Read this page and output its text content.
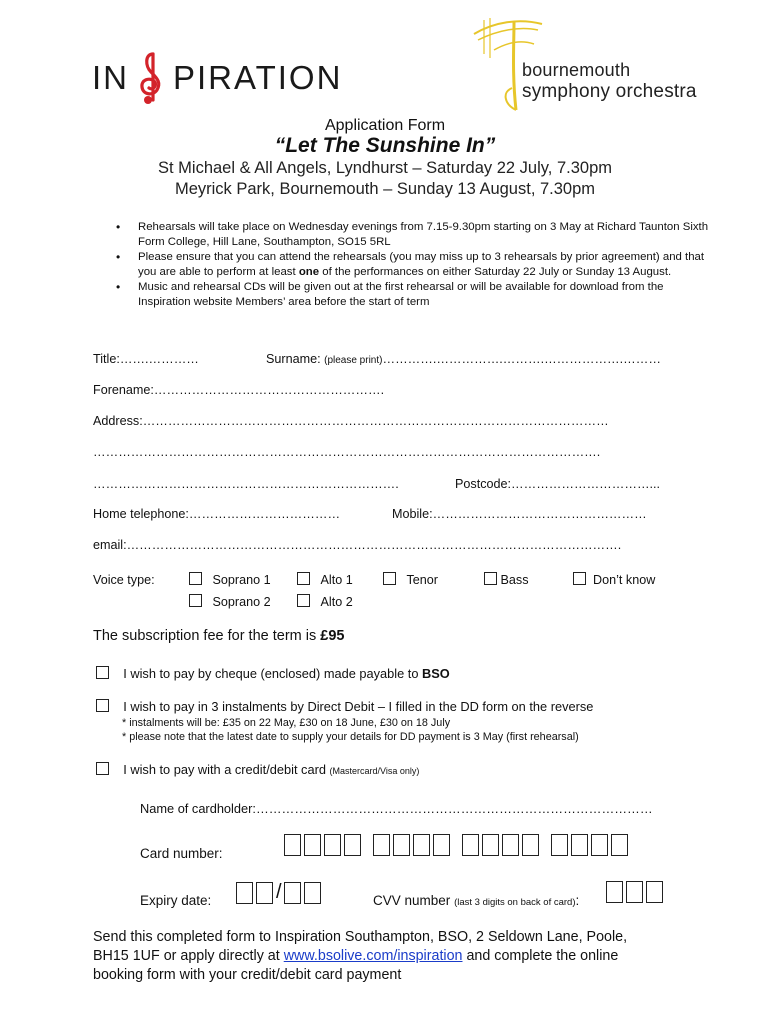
IN PIRATION	bournemouth
symphony orchestra
Application Form
“Let The Sunshine In”
St Michael & All Angels, Lyndhurst – Saturday 22 July, 7.30pm
Meyrick Park, Bournemouth – Sunday 13 August, 7.30pm
• Rehearsals will take place on Wednesday evenings from 7.15-9.30pm starting on 3 May at Richard Taunton Sixth Form College, Hill Lane, Southampton, SO15 5RL
• Please ensure that you can attend the rehearsals (you may miss up to 3 rehearsals by prior agreement) and that you are able to perform at least one of the performances on either Saturday 22 July or Sunday 13 August.
• Music and rehearsal CDs will be given out at the first rehearsal or will be available for download from the Inspiration website Members’ area before the start of term
Title:…….…………	Surname: (please print)………….…………….……….……………….………
Forename:……………………………………………….
Address:…………………………………………………………………………………………………
………………………………………………………………………………………………………….
……………………………………………………………….	Postcode:……………………………...
Home telephone:………………………………	Mobile:……………………………………………
email:……………………………………………………………………………………………………….
Voice type:	Soprano 1	Alto 1	Tenor	Bass	Don’t know
Soprano 2	Alto 2
The subscription fee for the term is £95
I wish to pay by cheque (enclosed) made payable to BSO
I wish to pay in 3 instalments by Direct Debit – I filled in the DD form on the reverse
* instalments will be: £35 on 22 May, £30 on 18 June, £30 on 18 July
* please note that the latest date to supply your details for DD payment is 3 May (first rehearsal)
I wish to pay with a credit/debit card (Mastercard/Visa only)
Name of cardholder:…………………………………………………………………………………
Card number:

Expiry date:	/	CVV number (last 3 digits on back of card):
Send this completed form to Inspiration Southampton, BSO, 2 Seldown Lane, Poole,
BH15 1UF or apply directly at www.bsolive.com/inspiration and complete the online
booking form with your credit/debit card payment
